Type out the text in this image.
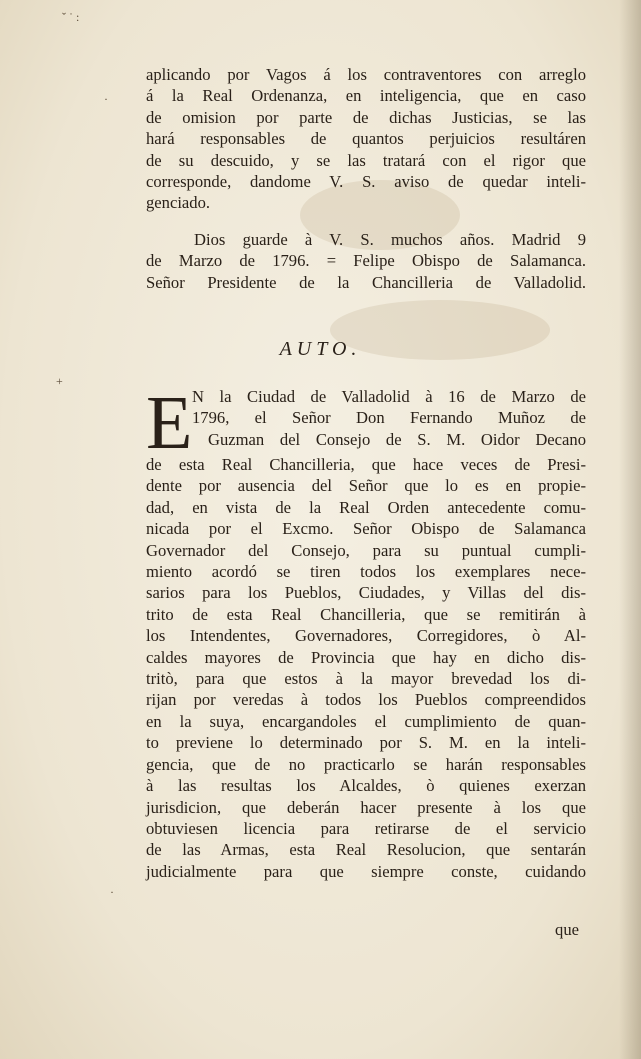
ˇ ˙ :
·
+
·
aplicando por Vagos á los contraventores con arreglo
á la Real Ordenanza, en inteligencia, que en caso
de omision por parte de dichas Justicias, se las
hará responsables de quantos perjuicios resultáren
de su descuido, y se las tratará con el rigor que
corresponde, dandome V. S. aviso de quedar inteli-
genciado.
Dios guarde à V. S. muchos años. Madrid 9
de Marzo de 1796. = Felipe Obispo de Salamanca.
Señor Presidente de la Chancilleria de Valladolid.
AUTO.
E N la Ciudad de Valladolid à 16 de Marzo de
1796, el Señor Don Fernando Muñoz de
Guzman del Consejo de S. M. Oidor Decano
de esta Real Chancilleria, que hace veces de Presi-
dente por ausencia del Señor que lo es en propie-
dad, en vista de la Real Orden antecedente comu-
nicada por el Excmo. Señor Obispo de Salamanca
Governador del Consejo, para su puntual cumpli-
miento acordó se tiren todos los exemplares nece-
sarios para los Pueblos, Ciudades, y Villas del dis-
trito de esta Real Chancilleria, que se remitirán à
los Intendentes, Governadores, Corregidores, ò Al-
caldes mayores de Provincia que hay en dicho dis-
tritò, para que estos à la mayor brevedad los di-
rijan por veredas à todos los Pueblos compreendidos
en la suya, encargandoles el cumplimiento de quan-
to previene lo determinado por S. M. en la inteli-
gencia, que de no practicarlo se harán responsables
à las resultas los Alcaldes, ò quienes exerzan
jurisdicion, que deberán hacer presente à los que
obtuviesen licencia para retirarse de el servicio
de las Armas, esta Real Resolucion, que sentarán
judicialmente para que siempre conste, cuidando
que
